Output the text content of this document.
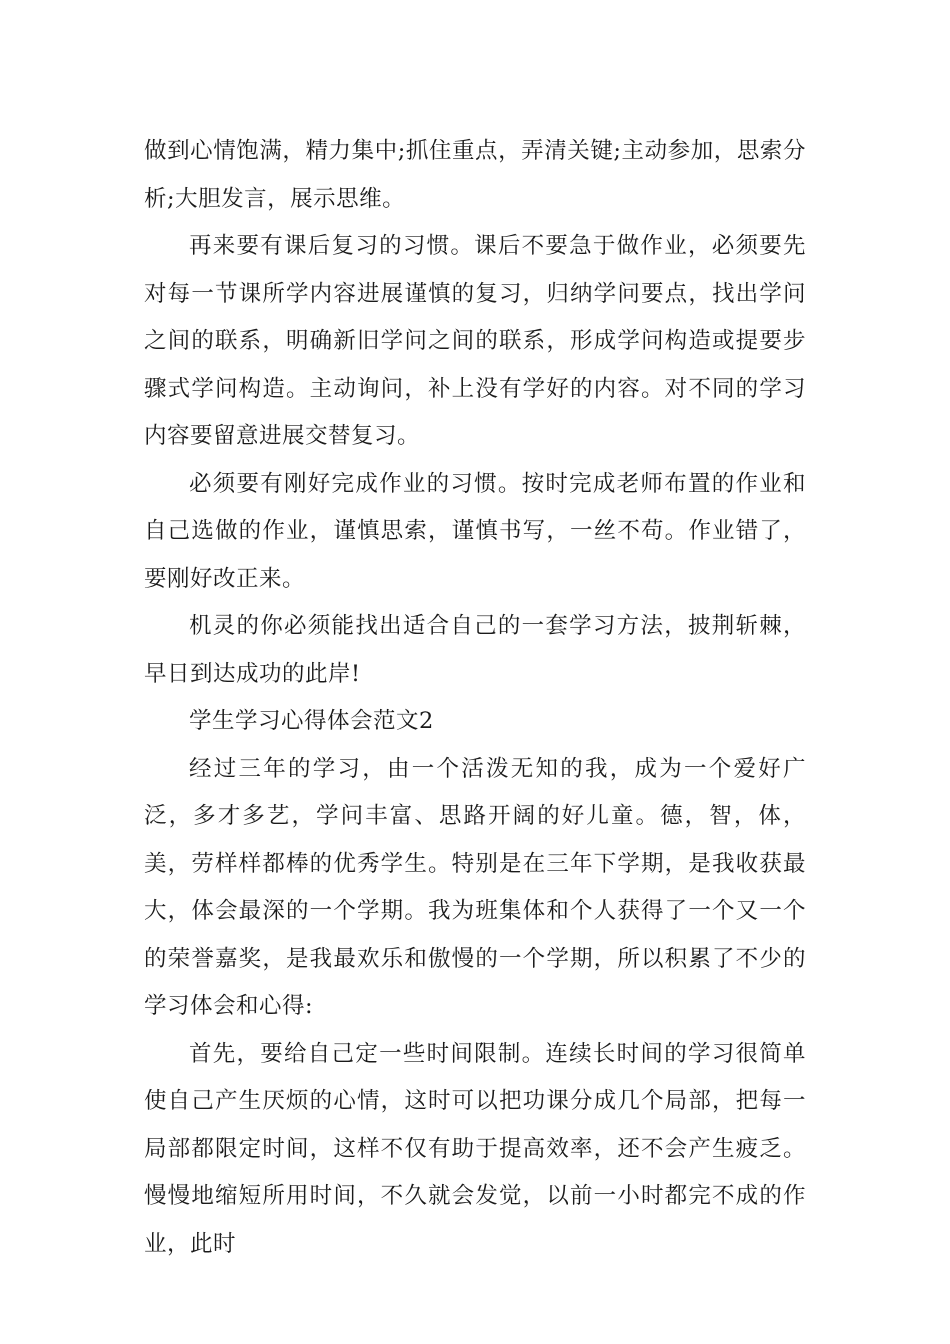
做到心情饱满，精力集中;抓住重点，弄清关键;主动参加，思索分析;大胆发言，展示思维。

再来要有课后复习的习惯。课后不要急于做作业，必须要先对每一节课所学内容进展谨慎的复习，归纳学问要点，找出学问之间的联系，明确新旧学问之间的联系，形成学问构造或提要步骤式学问构造。主动询问，补上没有学好的内容。对不同的学习内容要留意进展交替复习。

必须要有刚好完成作业的习惯。按时完成老师布置的作业和自己选做的作业，谨慎思索，谨慎书写，一丝不苟。作业错了，要刚好改正来。

机灵的你必须能找出适合自己的一套学习方法，披荆斩棘，早日到达成功的此岸!

学生学习心得体会范文2

经过三年的学习，由一个活泼无知的我，成为一个爱好广泛，多才多艺，学问丰富、思路开阔的好儿童。德，智，体，美，劳样样都棒的优秀学生。特别是在三年下学期，是我收获最大，体会最深的一个学期。我为班集体和个人获得了一个又一个的荣誉嘉奖，是我最欢乐和傲慢的一个学期，所以积累了不少的学习体会和心得:

首先，要给自己定一些时间限制。连续长时间的学习很简单使自己产生厌烦的心情，这时可以把功课分成几个局部，把每一局部都限定时间，这样不仅有助于提高效率，还不会产生疲乏。慢慢地缩短所用时间，不久就会发觉，以前一小时都完不成的作业，此时
